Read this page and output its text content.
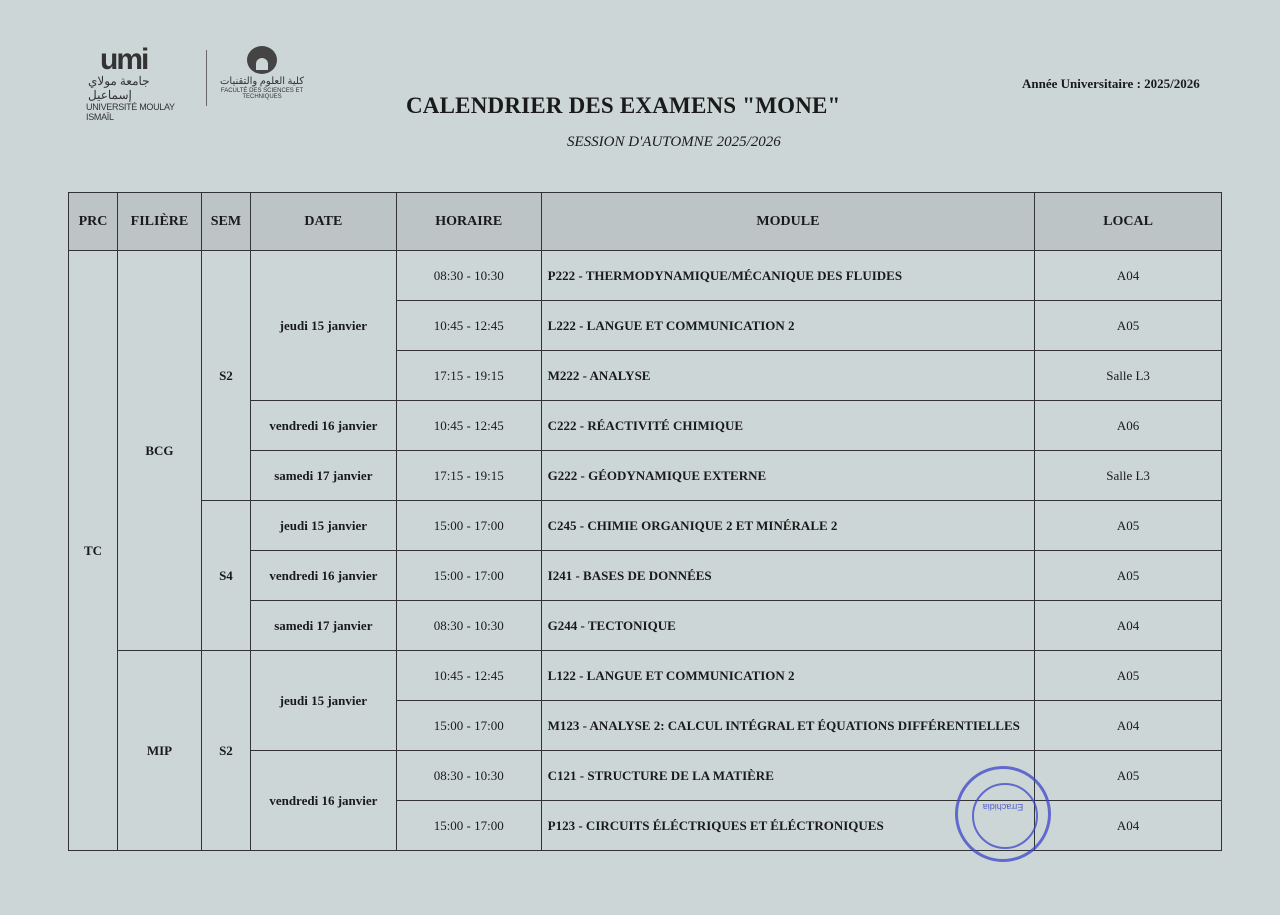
umi
جامعة مولاي إسماعيل
UNIVERSITÉ MOULAY ISMAÏL
كلية العلوم والتقنيات
FACULTÉ DES SCIENCES ET TECHNIQUES
Année Universitaire : 2025/2026
CALENDRIER DES EXAMENS "MONE"
SESSION D'AUTOMNE 2025/2026
PRC	FILIÈRE	SEM	DATE	HORAIRE	MODULE	LOCAL
TC	BCG	S2	jeudi 15 janvier	08:30 - 10:30	P222 - THERMODYNAMIQUE/MÉCANIQUE DES FLUIDES	A04
				10:45 - 12:45	L222 - LANGUE ET COMMUNICATION 2	A05
				17:15 - 19:15	M222 - ANALYSE	Salle L3
			vendredi 16 janvier	10:45 - 12:45	C222 - RÉACTIVITÉ CHIMIQUE	A06
			samedi 17 janvier	17:15 - 19:15	G222 - GÉODYNAMIQUE EXTERNE	Salle L3
		S4	jeudi 15 janvier	15:00 - 17:00	C245 - CHIMIE ORGANIQUE 2 ET MINÉRALE 2	A05
			vendredi 16 janvier	15:00 - 17:00	I241 - BASES DE DONNÉES	A05
			samedi 17 janvier	08:30 - 10:30	G244 - TECTONIQUE	A04
	MIP	S2	jeudi 15 janvier	10:45 - 12:45	L122 - LANGUE ET COMMUNICATION 2	A05
				15:00 - 17:00	M123 - ANALYSE 2: CALCUL INTÉGRAL ET ÉQUATIONS DIFFÉRENTIELLES	A04
			vendredi 16 janvier	08:30 - 10:30	C121 - STRUCTURE DE LA MATIÈRE	A05
				15:00 - 17:00	P123 - CIRCUITS ÉLÉCTRIQUES ET ÉLÉCTRONIQUES	A04
Errachidia
